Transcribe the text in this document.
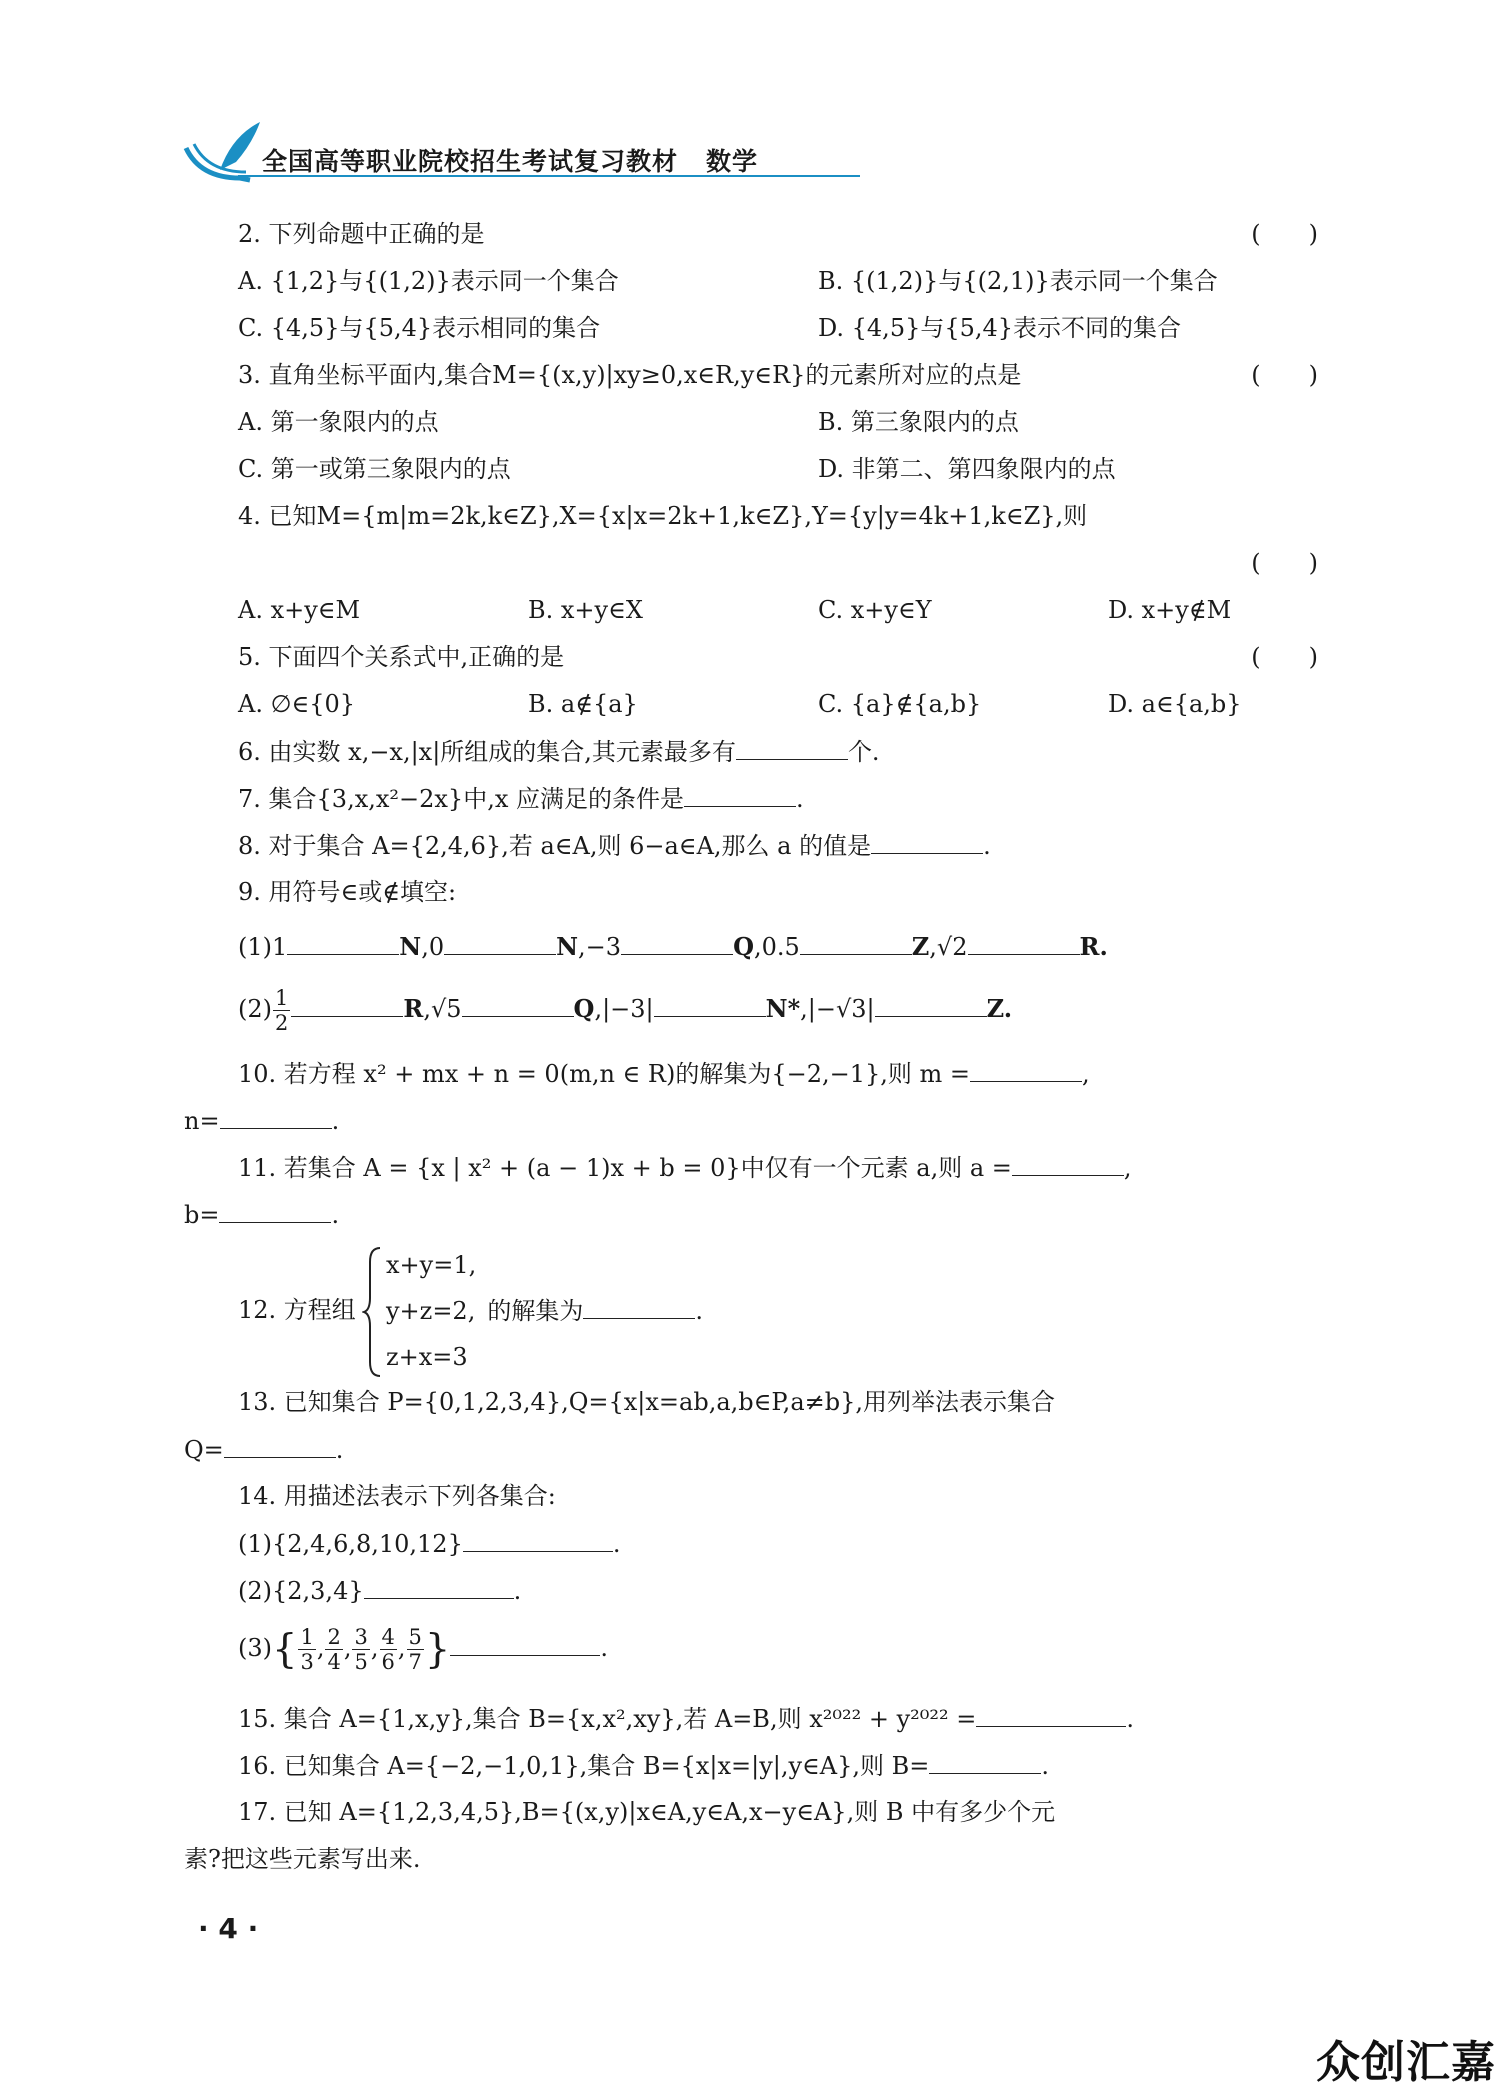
全国高等职业院校招生考试复习教材 数学
2. 下列命题中正确的是	(　　)
A. {1,2}与{(1,2)}表示同一个集合	B. {(1,2)}与{(2,1)}表示同一个集合
C. {4,5}与{5,4}表示相同的集合	D. {4,5}与{5,4}表示不同的集合
3. 直角坐标平面内,集合M={(x,y)|xy≥0,x∈R,y∈R}的元素所对应的点是	(　　)
A. 第一象限内的点	B. 第三象限内的点
C. 第一或第三象限内的点	D. 非第二、第四象限内的点
4. 已知M={m|m=2k,k∈Z},X={x|x=2k+1,k∈Z},Y={y|y=4k+1,k∈Z},则
(　　)
A. x+y∈M	B. x+y∈X	C. x+y∈Y	D. x+y∉M
5. 下面四个关系式中,正确的是	(　　)
A. ∅∈{0}	B. a∉{a}	C. {a}∉{a,b}	D. a∈{a,b}
6. 由实数 x,−x,|x|所组成的集合,其元素最多有	个.
7. 集合{3,x,x²−2x}中,x 应满足的条件是	.
8. 对于集合 A={2,4,6},若 a∈A,则 6−a∈A,那么 a 的值是	.
9. 用符号∈或∉填空:
(1)1	N,0	N,−3	Q,0.5	Z,√2	R.
$(2) \frac{1}{2}$	R,√5	Q,|−3|	N*,|−√3|	Z.
10. 若方程 x² + mx + n = 0(m,n ∈ R)的解集为{−2,−1},则 m =	,
n=	.
11. 若集合 A = {x | x² + (a − 1)x + b = 0}中仅有一个元素 a,则 a =	,
b=	.
12. 方程组
x+y=1,
y+z=2, 的解集为	.
z+x=3
13. 已知集合 P={0,1,2,3,4},Q={x|x=ab,a,b∈P,a≠b},用列举法表示集合
Q=	.
14. 用描述法表示下列各集合:
(1){2,4,6,8,10,12}	.
(2){2,3,4}	.
$(3)\{ \frac{1}{3}$ , $\frac{2}{4}$ , $\frac{3}{5}$ , $\frac{4}{6}$ , $\frac{5}{7}$ }	.
15. 集合 A={1,x,y},集合 B={x,x²,xy},若 A=B,则 x²⁰²² + y²⁰²² =	.
16. 已知集合 A={−2,−1,0,1},集合 B={x|x=|y|,y∈A},则 B=	.
17. 已知 A={1,2,3,4,5},B={(x,y)|x∈A,y∈A,x−y∈A},则 B 中有多少个元
素?把这些元素写出来.
· 4 ·
众创汇嘉
